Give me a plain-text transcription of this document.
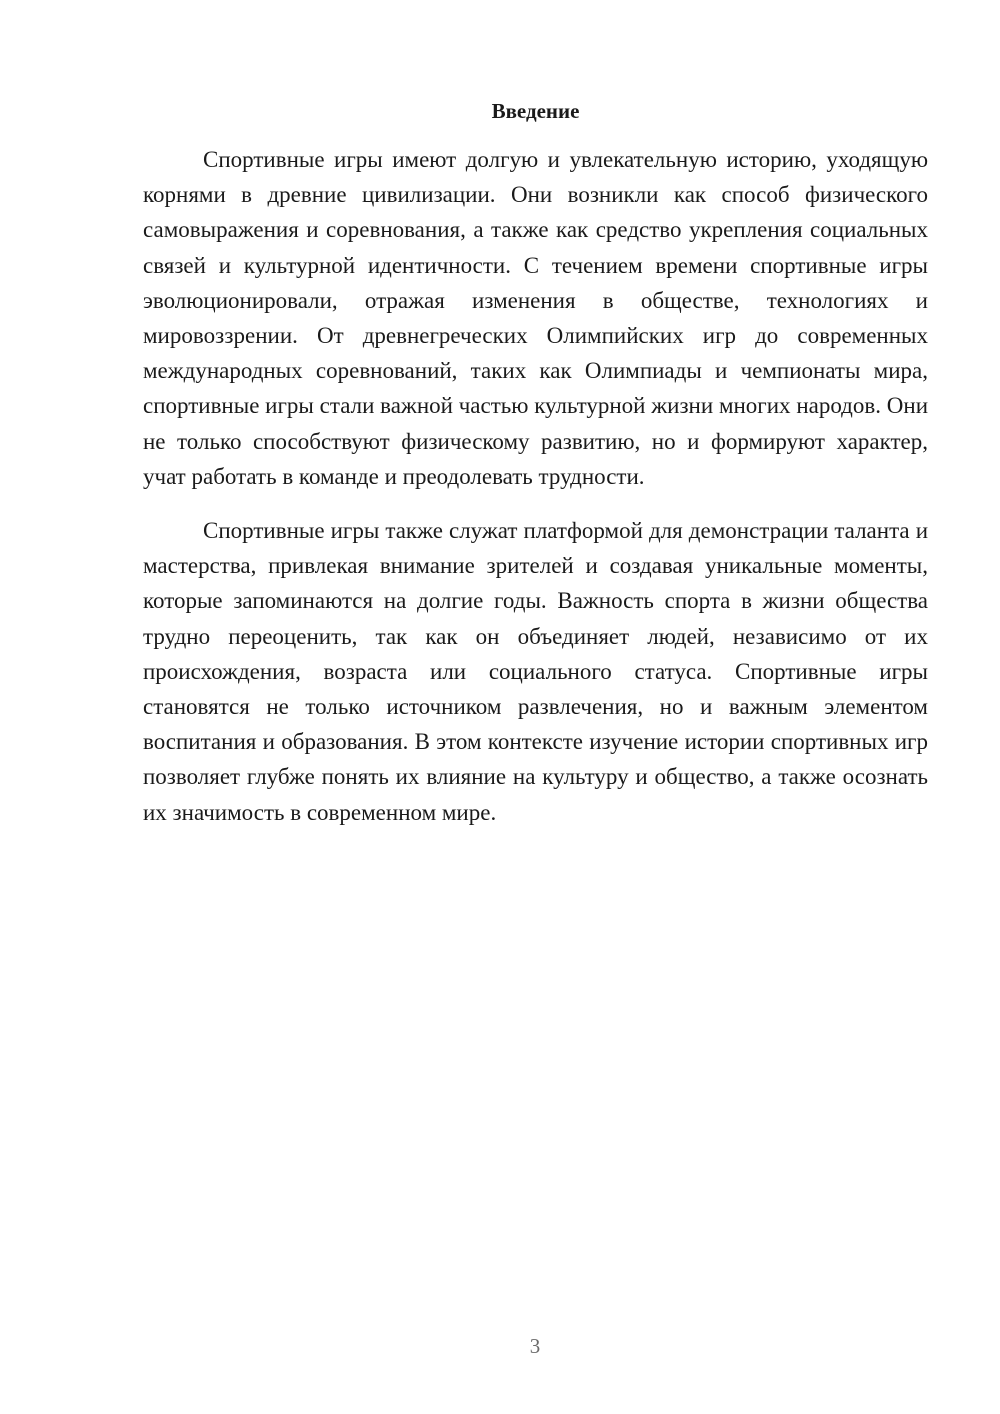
Введение

Спортивные игры имеют долгую и увлекательную историю, уходящую корнями в древние цивилизации. Они возникли как способ физического самовыражения и соревнования, а также как средство укрепления социальных связей и культурной идентичности. С течением времени спортивные игры эволюционировали, отражая изменения в обществе, технологиях и мировоззрении. От древнегреческих Олимпийских игр до современных международных соревнований, таких как Олимпиады и чемпионаты мира, спортивные игры стали важной частью культурной жизни многих народов. Они не только способствуют физическому развитию, но и формируют характер, учат работать в команде и преодолевать трудности.

Спортивные игры также служат платформой для демонстрации таланта и мастерства, привлекая внимание зрителей и создавая уникальные моменты, которые запоминаются на долгие годы. Важность спорта в жизни общества трудно переоценить, так как он объединяет людей, независимо от их происхождения, возраста или социального статуса. Спортивные игры становятся не только источником развлечения, но и важным элементом воспитания и образования. В этом контексте изучение истории спортивных игр позволяет глубже понять их влияние на культуру и общество, а также осознать их значимость в современном мире.

3
